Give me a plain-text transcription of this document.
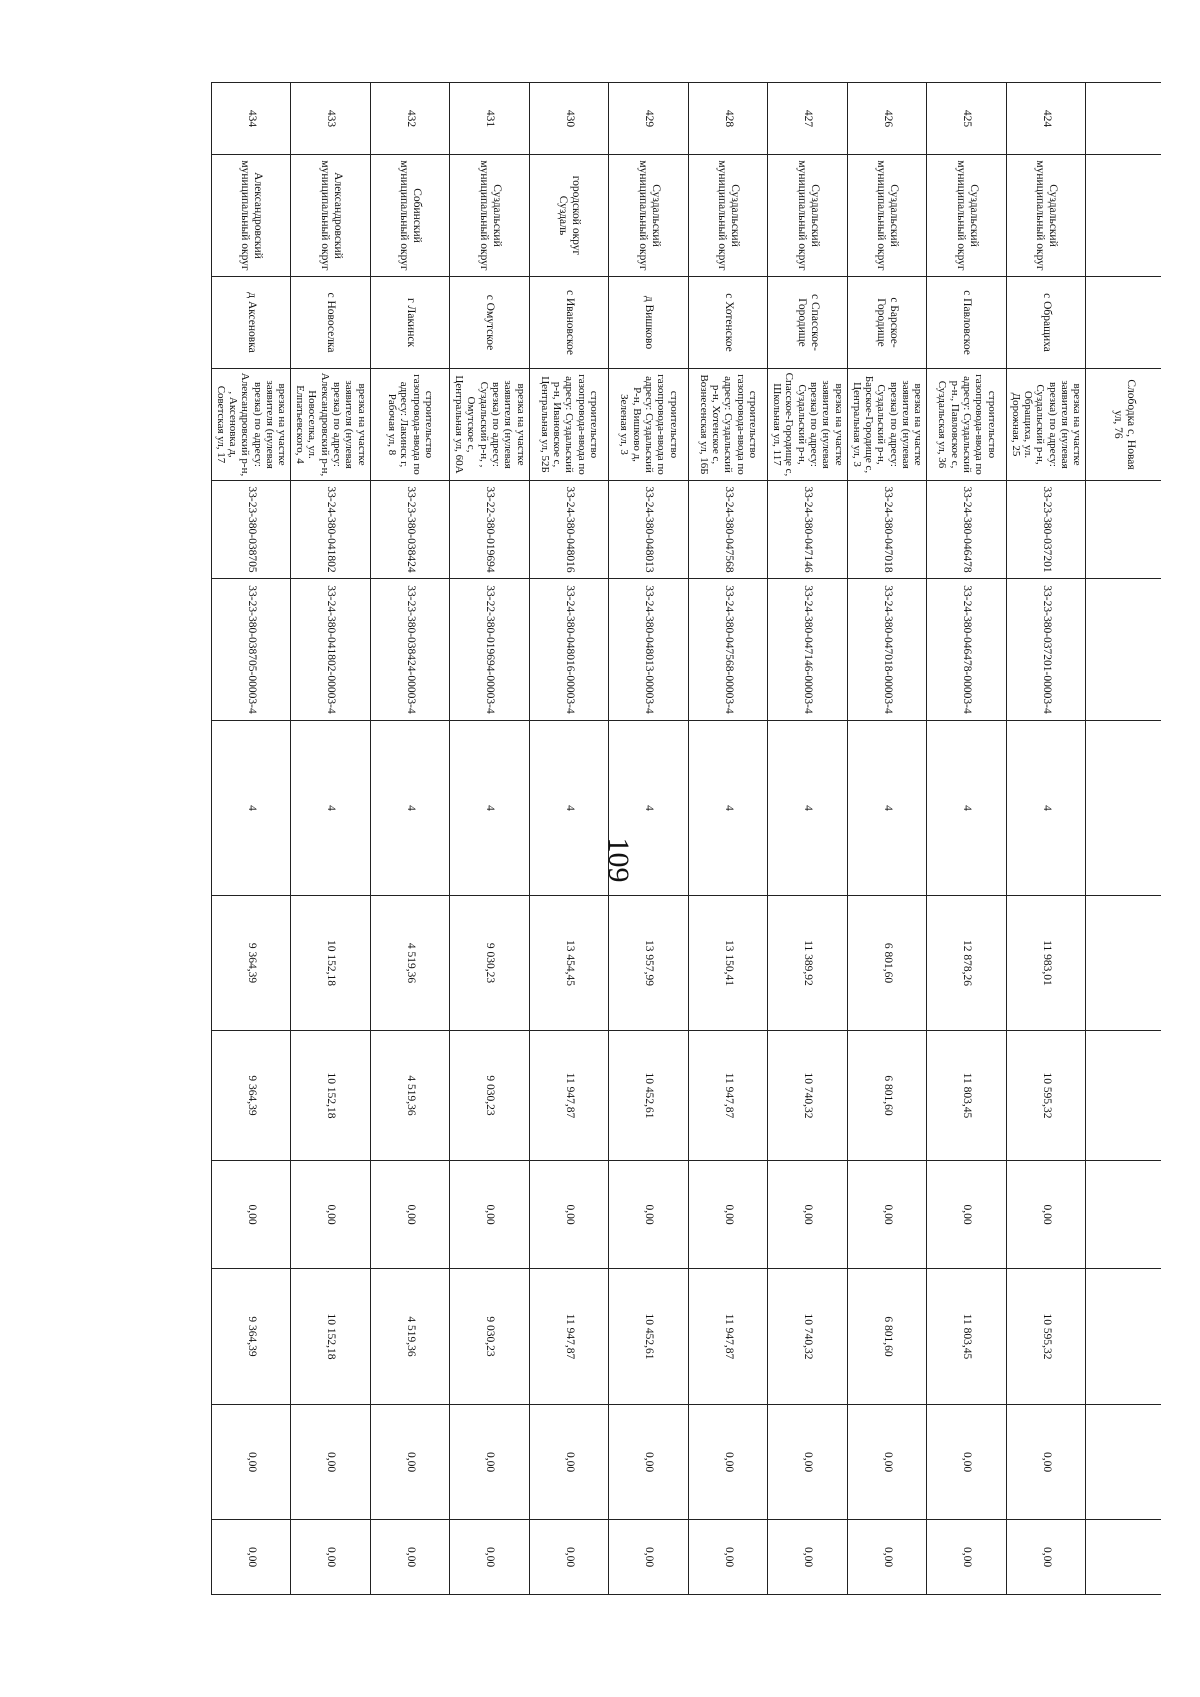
109
			Слободка с, Новая ул, 76									
424	Суздальский муниципальный округ	с Обращиха	врезка на участке заявителя (нулевая врезка) по адресу: Суздальский р-н, Обращиха, ул. Дорожная, 25	33-23-380-037201	33-23-380-037201-00003-4	4	11 983,01	10 595,32	0,00	10 595,32	0,00	0,00
425	Суздальский муниципальный округ	с Павловское	строительство газопровода-ввода по адресу: Суздальский р-н., Павловское с, Суздальская ул, 36	33-24-380-046478	33-24-380-046478-00003-4	4	12 878,26	11 803,45	0,00	11 803,45	0,00	0,00
426	Суздальский муниципальный округ	с Барское-Городище	врезка на участке заявителя (нулевая врезка) по адресу: Суздальский р-н, Барское-Городище с, Центральная ул, 3	33-24-380-047018	33-24-380-047018-00003-4	4	6 801,60	6 801,60	0,00	6 801,60	0,00	0,00
427	Суздальский муниципальный округ	с Спасское-Городище	врезка на участке заявителя (нулевая врезка) по адресу: Суздальский р-н, Спасское-Городище с, Школьная ул, 117	33-24-380-047146	33-24-380-047146-00003-4	4	11 389,92	10 740,32	0,00	10 740,32	0,00	0,00
428	Суздальский муниципальный округ	с Хотенское	строительство газопровода-ввода по адресу: Суздальский р-н, Хотенское с, Вознесенская ул, 16Б	33-24-380-047568	33-24-380-047568-00003-4	4	13 150,41	11 947,87	0,00	11 947,87	0,00	0,00
429	Суздальский муниципальный округ	д Вишково	строительство газопровода-ввода по адресу: Суздальский Р-н, Вишково д, Зеленая ул, 3	33-24-380-048013	33-24-380-048013-00003-4	4	13 957,99	10 452,61	0,00	10 452,61	0,00	0,00
430	городской округ Суздаль	с Ивановское	строительство газопровода-ввода по адресу: Суздальский р-н, Ивановское с, Центральная ул, 52Б	33-24-380-048016	33-24-380-048016-00003-4	4	13 454,45	11 947,87	0,00	11 947,87	0,00	0,00
431	Суздальский муниципальный округ	с Омутское	врезка на участке заявителя (нулевая врезка) по адресу: Суздальский р-н, , Омутское с, Центральная ул, 60А	33-22-380-019694	33-22-380-019694-00003-4	4	9 030,23	9 030,23	0,00	9 030,23	0,00	0,00
432	Собинский муниципальный округ	г Лакинск	строительство газопровода-ввода по адресу: Лакинск г, Рабочая ул, 8	33-23-380-038424	33-23-380-038424-00003-4	4	4 519,36	4 519,36	0,00	4 519,36	0,00	0,00
433	Александровский муниципальный округ	с Новоселка	врезка на участке заявителя (нулевая врезка) по адресу: Александровский р-н, Новоселка, ул. Елпатьевского, 4	33-24-380-041802	33-24-380-041802-00003-4	4	10 152,18	10 152,18	0,00	10 152,18	0,00	0,00
434	Александровский муниципальный округ	д Аксеновка	врезка на участке заявителя (нулевая врезка) по адресу: Александровский р-н, , Аксеновка д, Советская ул, 17	33-23-380-038705	33-23-380-038705-00003-4	4	9 364,39	9 364,39	0,00	9 364,39	0,00	0,00
